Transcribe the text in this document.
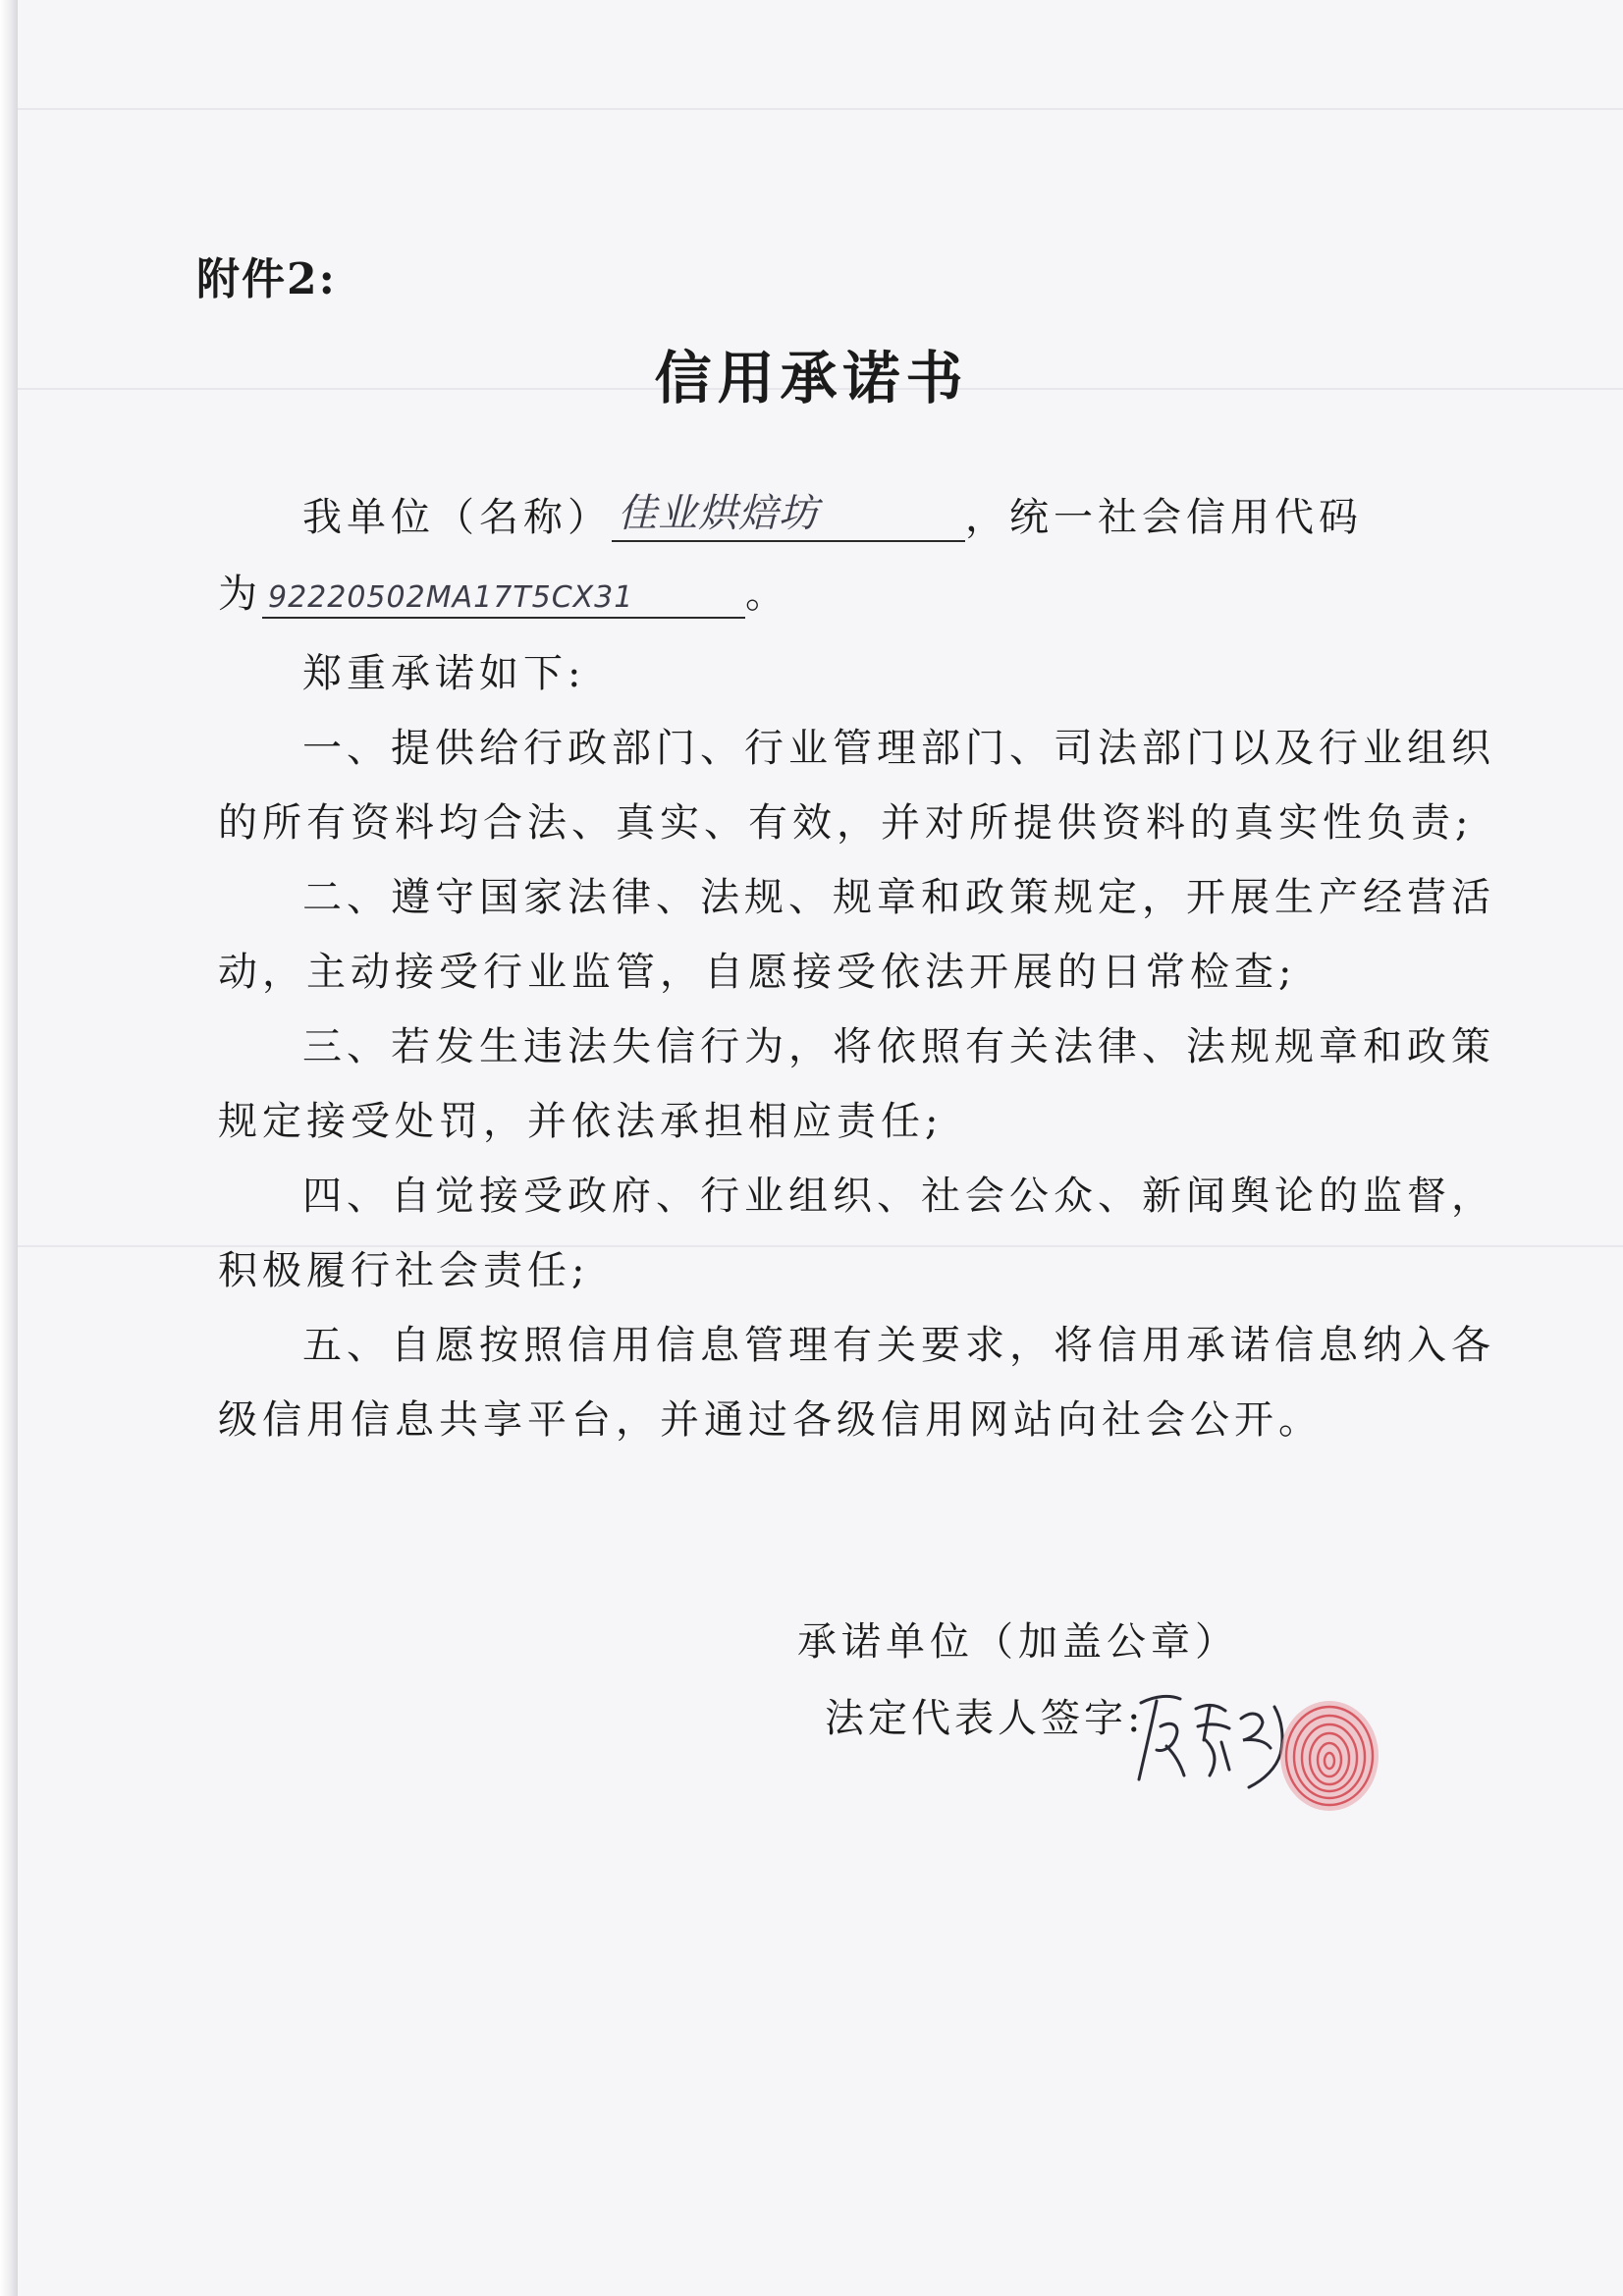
附件2:
信用承诺书
我单位（名称） 佳业烘焙坊	，统一社会信用代码
为 92220502MA17T5CX31	。
郑重承诺如下:
一、提供给行政部门、行业管理部门、司法部门以及行业组织
的所有资料均合法、真实、有效，并对所提供资料的真实性负责;
二、遵守国家法律、法规、规章和政策规定，开展生产经营活
动，主动接受行业监管，自愿接受依法开展的日常检查;
三、若发生违法失信行为，将依照有关法律、法规规章和政策
规定接受处罚，并依法承担相应责任;
四、自觉接受政府、行业组织、社会公众、新闻舆论的监督，
积极履行社会责任;
五、自愿按照信用信息管理有关要求，将信用承诺信息纳入各
级信用信息共享平台，并通过各级信用网站向社会公开。
承诺单位（加盖公章）
法定代表人签字:
